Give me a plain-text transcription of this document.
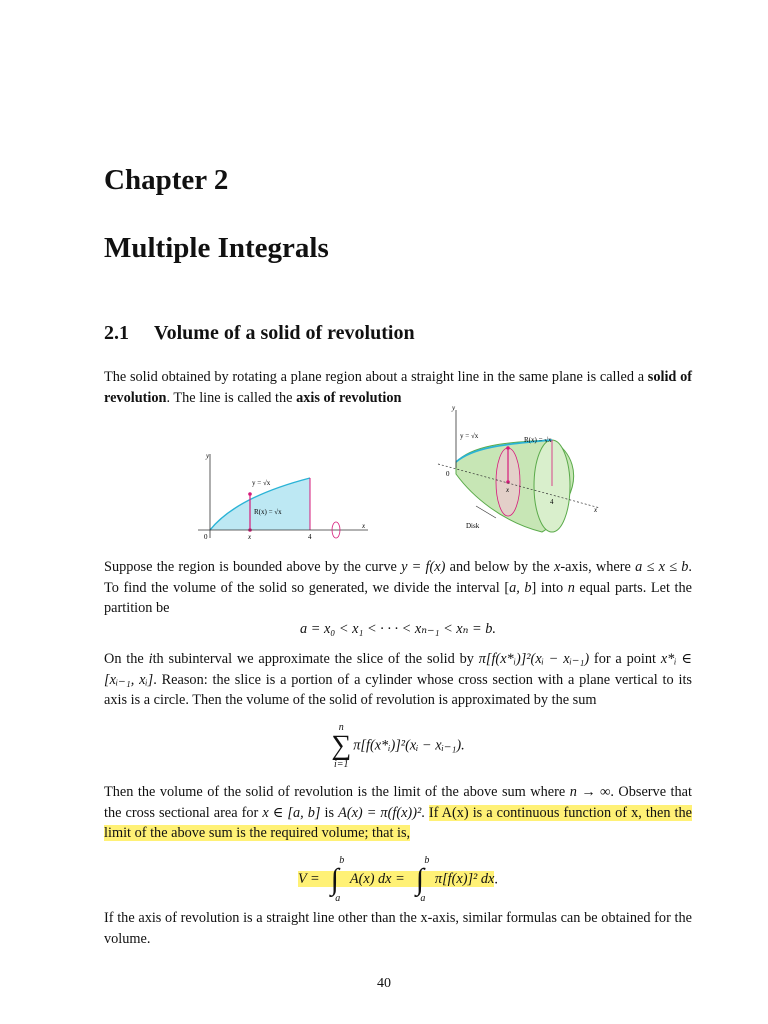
Chapter 2
Multiple Integrals
2.1 Volume of a solid of revolution
The solid obtained by rotating a plane region about a straight line in the same plane is called a solid of revolution. The line is called the axis of revolution
y
x
y = √x
R(x) = √x
0	x	4
y
x
y = √x	R(x) = √x
0
x
4
Disk
Suppose the region is bounded above by the curve y = f(x) and below by the x-axis, where a ≤ x ≤ b. To find the volume of the solid so generated, we divide the interval [a, b] into n equal parts. Let the partition be
a = x₀ < x₁ < · · · < xₙ₋₁ < xₙ = b.
On the ith subinterval we approximate the slice of the solid by π[f(x*ᵢ)]²(xᵢ − xᵢ₋₁) for a point x*ᵢ ∈ [xᵢ₋₁, xᵢ]. Reason: the slice is a portion of a cylinder whose cross section with a plane vertical to its axis is a circle. Then the volume of the solid of revolution is approximated by the sum
n
∑
i=1
π[f(x*ᵢ)]²(xᵢ − xᵢ₋₁).
Then the volume of the solid of revolution is the limit of the above sum where n → ∞. Observe that the cross sectional area for x ∈ [a, b] is A(x) = π(f(x))². If A(x) is a continuous function of x, then the limit of the above sum is the required volume; that is,
V =
b
∫
a
A(x) dx =
b
∫
a
π[f(x)]² dx.
If the axis of revolution is a straight line other than the x-axis, similar formulas can be obtained for the volume.
40
